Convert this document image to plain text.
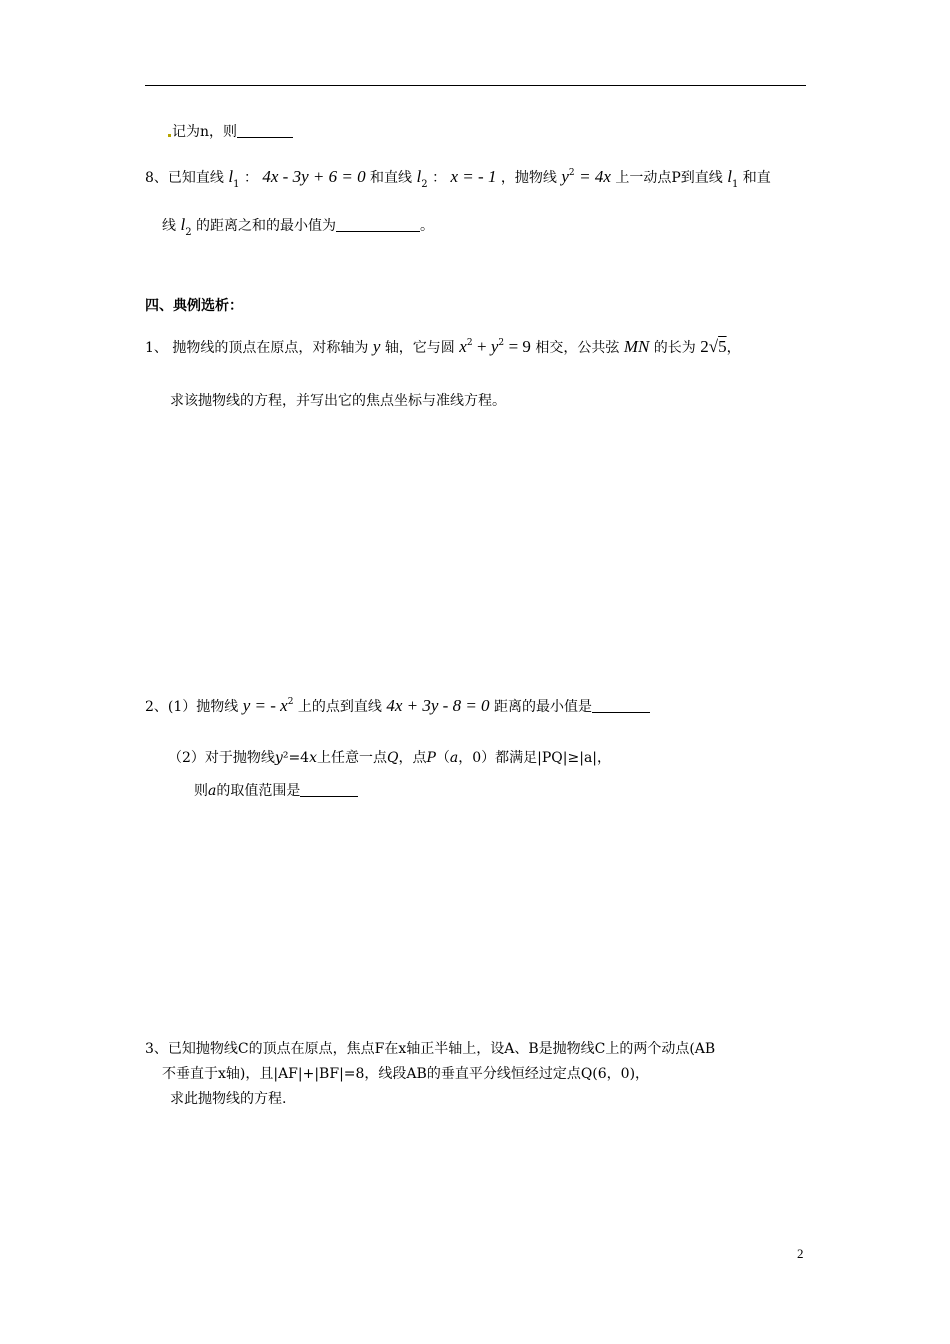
记为n，则
8、已知直线 $l_1$ ： 4x - 3y + 6 = 0 和直线 $l_2$ ： x = - 1 ，抛物线 $y^2 = 4x$ 上一动点P到直线 $l_1$ 和直
线 $l_2$ 的距离之和的最小值为	。
四、典例选析：
1、 抛物线的顶点在原点，对称轴为 y 轴，它与圆 $x^2 + y^2 = 9$ 相交，公共弦 MN 的长为 2√5，
求该抛物线的方程，并写出它的焦点坐标与准线方程。
2、(1）抛物线 y = - $x^2$ 上的点到直线 4x + 3y - 8 = 0 距离的最小值是
（2）对于抛物线y²=4x上任意一点Q，点P（a，0）都满足|PQ|≥|a|，
则a的取值范围是
3、已知抛物线C的顶点在原点，焦点F在x轴正半轴上，设A、B是抛物线C上的两个动点(AB
不垂直于x轴)，且|AF|+|BF|=8，线段AB的垂直平分线恒经过定点Q(6，0)，
求此抛物线的方程.
2
